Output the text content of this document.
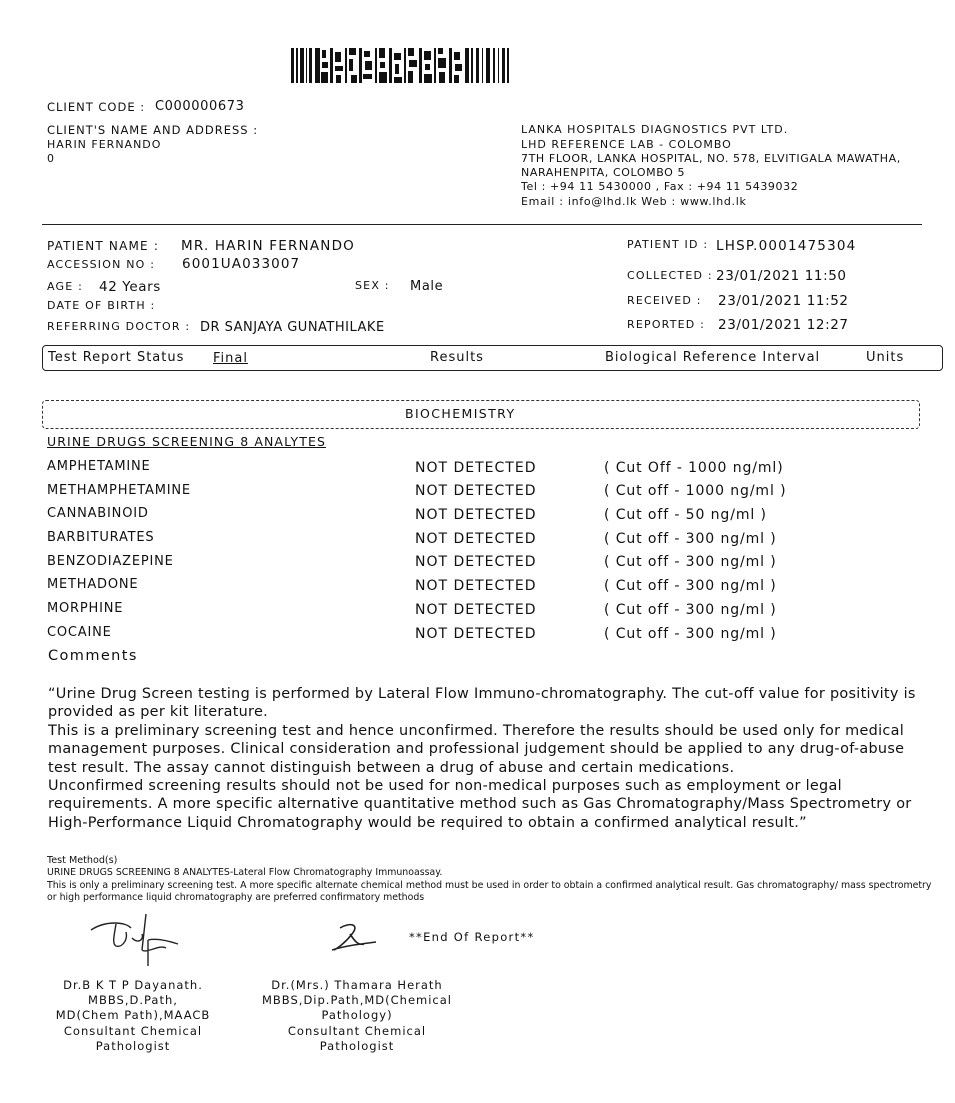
CLIENT CODE : C000000673
CLIENT'S NAME AND ADDRESS :
HARIN FERNANDO
0
LANKA HOSPITALS DIAGNOSTICS PVT LTD.
LHD REFERENCE LAB - COLOMBO
7TH FLOOR, LANKA HOSPITAL, NO. 578, ELVITIGALA MAWATHA,
NARAHENPITA, COLOMBO 5
Tel : +94 11 5430000 , Fax : +94 11 5439032
Email : info@lhd.lk Web : www.lhd.lk
PATIENT NAME : MR. HARIN FERNANDO
ACCESSION NO : 6001UA033007
AGE : 42 Years	SEX : Male
DATE OF BIRTH :
REFERRING DOCTOR : DR SANJAYA GUNATHILAKE
PATIENT ID : LHSP.0001475304
COLLECTED : 23/01/2021 11:50
RECEIVED : 23/01/2021 11:52
REPORTED : 23/01/2021 12:27
Test Report Status Final	Results	Biological Reference Interval	Units
BIOCHEMISTRY
URINE DRUGS SCREENING 8 ANALYTES
AMPHETAMINE	NOT DETECTED	( Cut Off - 1000 ng/ml)
METHAMPHETAMINE	NOT DETECTED	( Cut off - 1000 ng/ml )
CANNABINOID	NOT DETECTED	( Cut off - 50 ng/ml )
BARBITURATES	NOT DETECTED	( Cut off - 300 ng/ml )
BENZODIAZEPINE	NOT DETECTED	( Cut off - 300 ng/ml )
METHADONE	NOT DETECTED	( Cut off - 300 ng/ml )
MORPHINE	NOT DETECTED	( Cut off - 300 ng/ml )
COCAINE	NOT DETECTED	( Cut off - 300 ng/ml )
Comments
“Urine Drug Screen testing is performed by Lateral Flow Immuno-chromatography. The cut-off value for positivity is provided as per kit literature.
This is a preliminary screening test and hence unconfirmed. Therefore the results should be used only for medical management purposes. Clinical consideration and professional judgement should be applied to any drug-of-abuse test result. The assay cannot distinguish between a drug of abuse and certain medications.
Unconfirmed screening results should not be used for non-medical purposes such as employment or legal requirements. A more specific alternative quantitative method such as Gas Chromatography/Mass Spectrometry or High-Performance Liquid Chromatography would be required to obtain a confirmed analytical result.”
Test Method(s)
URINE DRUGS SCREENING 8 ANALYTES-Lateral Flow Chromatography Immunoassay.
This is only a preliminary screening test. A more specific alternate chemical method must be used in order to obtain a confirmed analytical result. Gas chromatography/ mass spectrometry or high performance liquid chromatography are preferred confirmatory methods
**End Of Report**
Dr.B K T P Dayanath.
MBBS,D.Path,
MD(Chem Path),MAACB
Consultant Chemical
Pathologist
Dr.(Mrs.) Thamara Herath
MBBS,Dip.Path,MD(Chemical
Pathology)
Consultant Chemical
Pathologist
